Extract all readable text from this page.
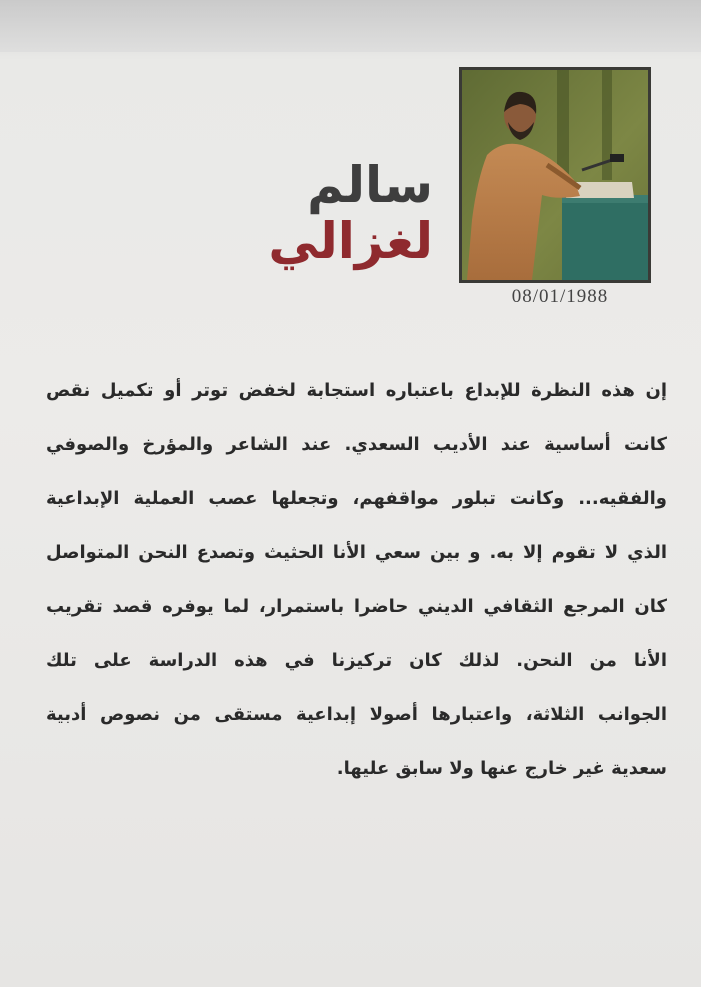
08/01/1988
سالم
لغزالي
إن هذه النظرة للإبداع باعتباره استجابة لخفض توتر أو تكميل نقص
كانت أساسية عند الأديب السعدي. عند الشاعر والمؤرخ والصوفي
والفقيه... وكانت تبلور مواقفهم، وتجعلها عصب العملية الإبداعية
الذي لا تقوم إلا به. و بين سعي الأنا الحثيث وتصدع النحن المتواصل
كان المرجع الثقافي الديني حاضرا باستمرار، لما يوفره قصد تقريب
الأنا من النحن. لذلك كان تركيزنا في هذه الدراسة على تلك
الجوانب الثلاثة، واعتبارها أصولا إبداعية مستقى من نصوص أدبية
سعدية غير خارج عنها ولا سابق عليها.
